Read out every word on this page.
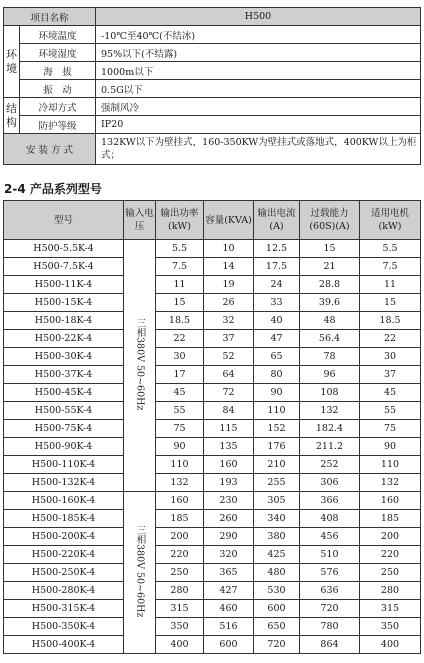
项目名称		H500
环境	环境温度	-10℃至40℃(不结冰)
	环境湿度	95%以下(不结露)
	海　拔	1000m以下
	振　动	0.5G以下
结构	冷却方式	强制风冷
	防护等级	IP20
安 装 方 式		132KW以下为壁挂式，160-350KW为壁挂式或落地式，400KW以上为柜式；
2-4 产品系列型号
型号	输入电压	输出功率(kW)	容量(KVA)	输出电流(A)	过载能力(60S)(A)	适用电机(kW)
H500-5.5K-4	三相380V 50~60Hz	5.5	10	12.5	15	5.5
H500-7.5K-4		7.5	14	17.5	21	7.5
H500-11K-4		11	19	24	28.8	11
H500-15K-4		15	26	33	39.6	15
H500-18K-4		18.5	32	40	48	18.5
H500-22K-4		22	37	47	56.4	22
H500-30K-4		30	52	65	78	30
H500-37K-4		17	64	80	96	37
H500-45K-4		45	72	90	108	45
H500-55K-4		55	84	110	132	55
H500-75K-4		75	115	152	182.4	75
H500-90K-4		90	135	176	211.2	90
H500-110K-4		110	160	210	252	110
H500-132K-4		132	193	255	306	132
H500-160K-4	三相380V 50~60Hz	160	230	305	366	160
H500-185K-4		185	260	340	408	185
H500-200K-4		200	290	380	456	200
H500-220K-4		220	320	425	510	220
H500-250K-4		250	365	480	576	250
H500-280K-4		280	427	530	636	280
H500-315K-4		315	460	600	720	315
H500-350K-4		350	516	650	780	350
H500-400K-4		400	600	720	864	400
